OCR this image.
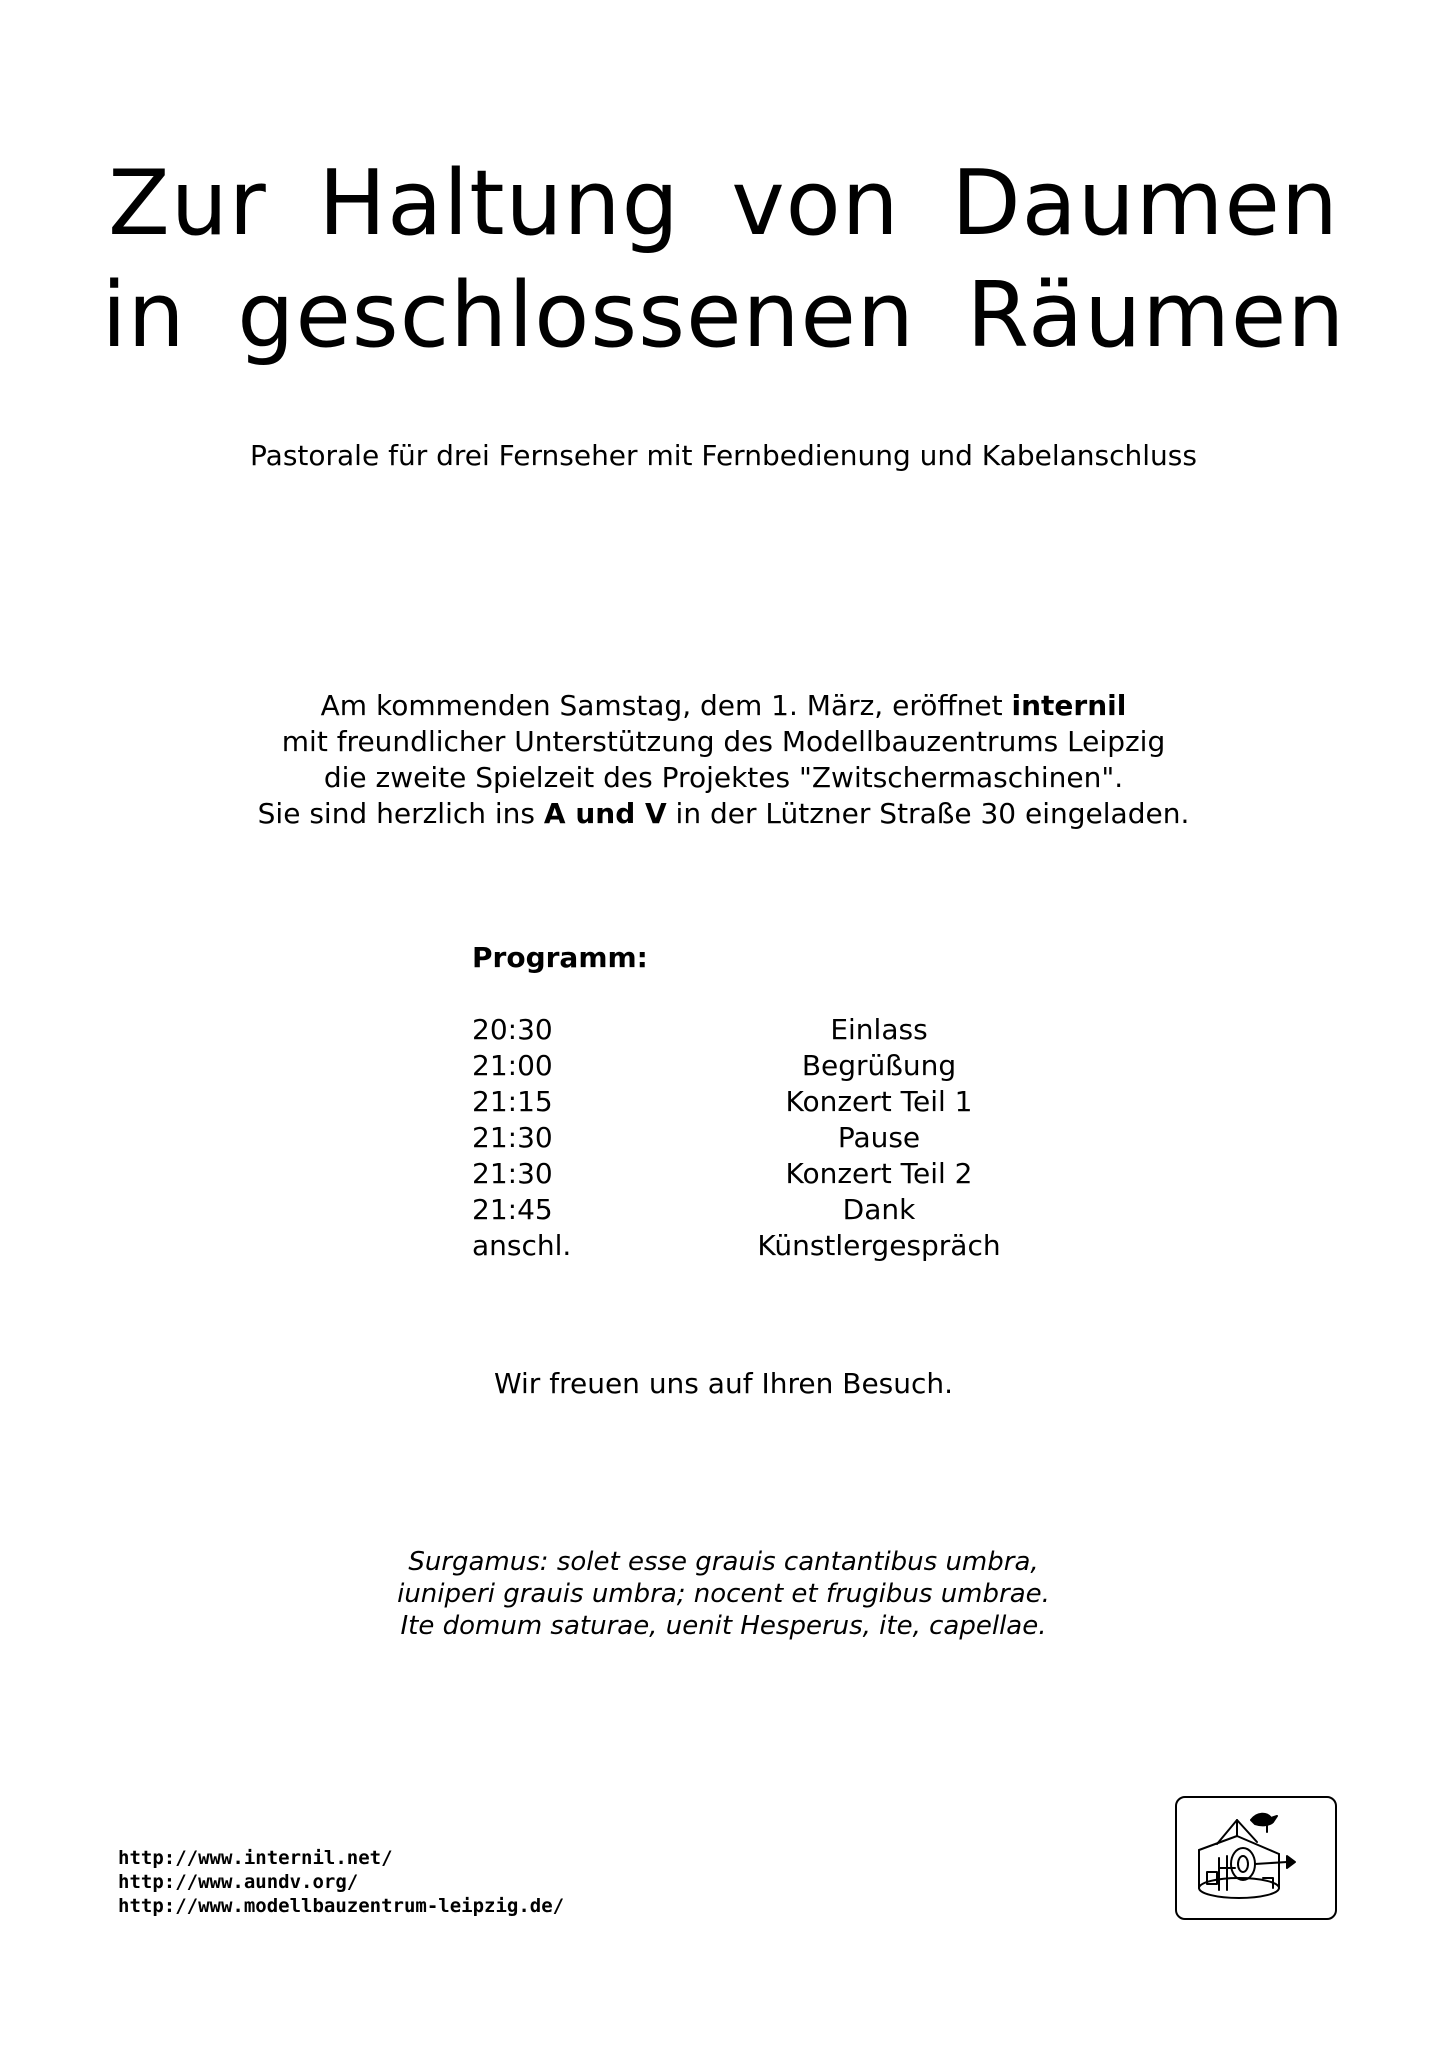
Zur Haltung von Daumen
in geschlossenen Räumen

Pastorale für drei Fernseher mit Fernbedienung und Kabelanschluss

Am kommenden Samstag, dem 1. März, eröffnet internil
mit freundlicher Unterstützung des Modellbauzentrums Leipzig
die zweite Spielzeit des Projektes "Zwitschermaschinen".
Sie sind herzlich ins A und V in der Lützner Straße 30 eingeladen.
Programm:
20:30	Einlass
21:00	Begrüßung
21:15	Konzert Teil 1
21:30	Pause
21:30	Konzert Teil 2
21:45	Dank
anschl.	Künstlergespräch
Wir freuen uns auf Ihren Besuch.
Surgamus: solet esse grauis cantantibus umbra,
iuniperi grauis umbra; nocent et frugibus umbrae.
Ite domum saturae, uenit Hesperus, ite, capellae.
http://www.internil.net/
http://www.aundv.org/
http://www.modellbauzentrum-leipzig.de/
